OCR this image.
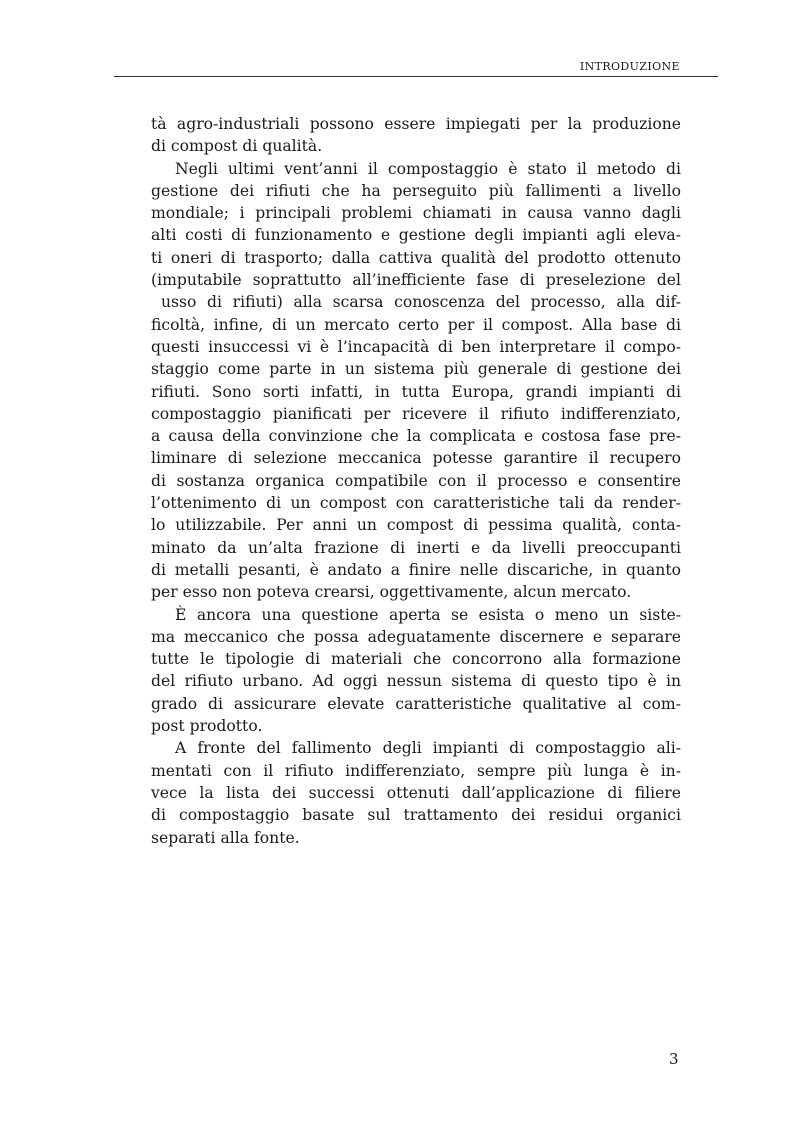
INTRODUZIONE
tà agro-industriali possono essere impiegati per la produzione
di compost di qualità.
Negli ultimi vent’anni il compostaggio è stato il metodo di
gestione dei rifiuti che ha perseguito più fallimenti a livello
mondiale; i principali problemi chiamati in causa vanno dagli
alti costi di funzionamento e gestione degli impianti agli eleva-
ti oneri di trasporto; dalla cattiva qualità del prodotto ottenuto
(imputabile soprattutto all’inefficiente fase di preselezione del
usso di rifiuti) alla scarsa conoscenza del processo, alla dif-
ficoltà, infine, di un mercato certo per il compost. Alla base di
questi insuccessi vi è l’incapacità di ben interpretare il compo-
staggio come parte in un sistema più generale di gestione dei
rifiuti. Sono sorti infatti, in tutta Europa, grandi impianti di
compostaggio pianificati per ricevere il rifiuto indifferenziato,
a causa della convinzione che la complicata e costosa fase pre-
liminare di selezione meccanica potesse garantire il recupero
di sostanza organica compatibile con il processo e consentire
l’ottenimento di un compost con caratteristiche tali da render-
lo utilizzabile. Per anni un compost di pessima qualità, conta-
minato da un’alta frazione di inerti e da livelli preoccupanti
di metalli pesanti, è andato a finire nelle discariche, in quanto
per esso non poteva crearsi, oggettivamente, alcun mercato.
È ancora una questione aperta se esista o meno un siste-
ma meccanico che possa adeguatamente discernere e separare
tutte le tipologie di materiali che concorrono alla formazione
del rifiuto urbano. Ad oggi nessun sistema di questo tipo è in
grado di assicurare elevate caratteristiche qualitative al com-
post prodotto.
A fronte del fallimento degli impianti di compostaggio ali-
mentati con il rifiuto indifferenziato, sempre più lunga è in-
vece la lista dei successi ottenuti dall’applicazione di filiere
di compostaggio basate sul trattamento dei residui organici
separati alla fonte.
3
